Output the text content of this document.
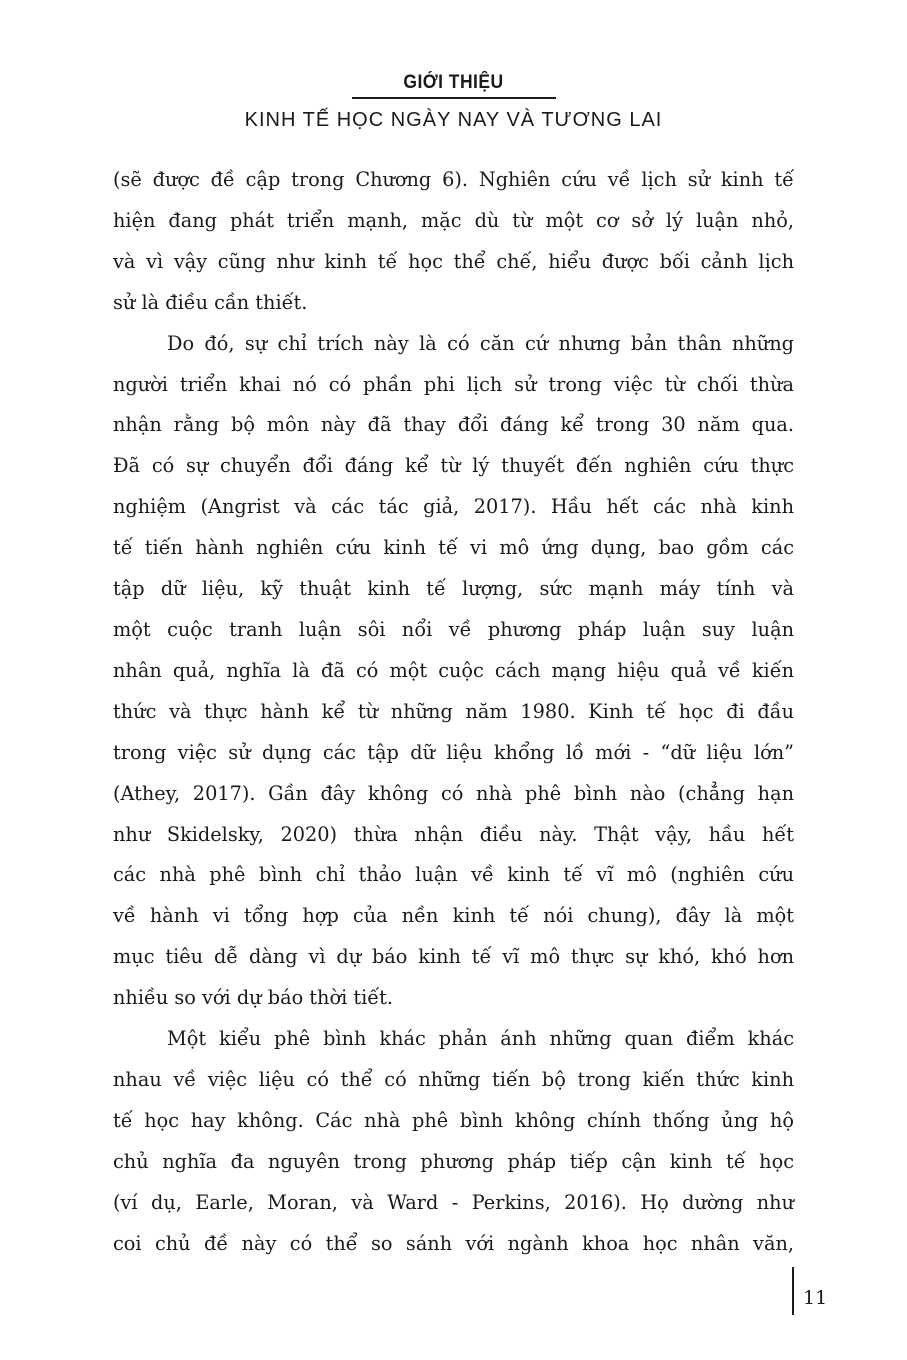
GIỚI THIỆU
KINH TẾ HỌC NGÀY NAY VÀ TƯƠNG LAI
(sẽ được đề cập trong Chương 6). Nghiên cứu về lịch sử kinh tế
hiện đang phát triển mạnh, mặc dù từ một cơ sở lý luận nhỏ,
và vì vậy cũng như kinh tế học thể chế, hiểu được bối cảnh lịch
sử là điều cần thiết.
Do đó, sự chỉ trích này là có căn cứ nhưng bản thân những
người triển khai nó có phần phi lịch sử trong việc từ chối thừa
nhận rằng bộ môn này đã thay đổi đáng kể trong 30 năm qua.
Đã có sự chuyển đổi đáng kể từ lý thuyết đến nghiên cứu thực
nghiệm (Angrist và các tác giả, 2017). Hầu hết các nhà kinh
tế tiến hành nghiên cứu kinh tế vi mô ứng dụng, bao gồm các
tập dữ liệu, kỹ thuật kinh tế lượng, sức mạnh máy tính và
một cuộc tranh luận sôi nổi về phương pháp luận suy luận
nhân quả, nghĩa là đã có một cuộc cách mạng hiệu quả về kiến
thức và thực hành kể từ những năm 1980. Kinh tế học đi đầu
trong việc sử dụng các tập dữ liệu khổng lồ mới - “dữ liệu lớn”
(Athey, 2017). Gần đây không có nhà phê bình nào (chẳng hạn
như Skidelsky, 2020) thừa nhận điều này. Thật vậy, hầu hết
các nhà phê bình chỉ thảo luận về kinh tế vĩ mô (nghiên cứu
về hành vi tổng hợp của nền kinh tế nói chung), đây là một
mục tiêu dễ dàng vì dự báo kinh tế vĩ mô thực sự khó, khó hơn
nhiều so với dự báo thời tiết.
Một kiểu phê bình khác phản ánh những quan điểm khác
nhau về việc liệu có thể có những tiến bộ trong kiến thức kinh
tế học hay không. Các nhà phê bình không chính thống ủng hộ
chủ nghĩa đa nguyên trong phương pháp tiếp cận kinh tế học
(ví dụ, Earle, Moran, và Ward - Perkins, 2016). Họ dường như
coi chủ đề này có thể so sánh với ngành khoa học nhân văn,
11
